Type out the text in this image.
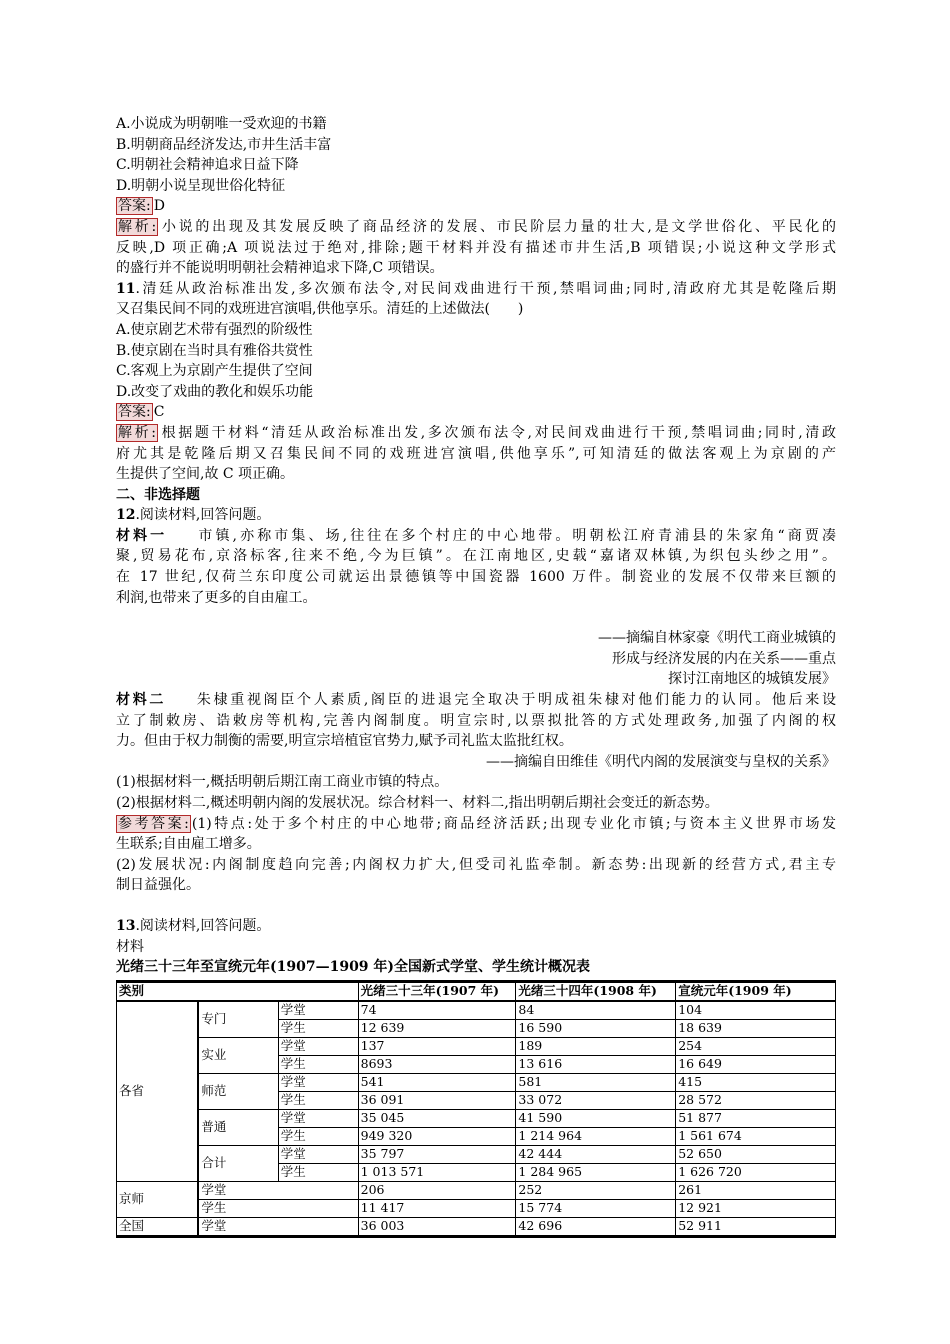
A.小说成为明朝唯一受欢迎的书籍
B.明朝商品经济发达,市井生活丰富
C.明朝社会精神追求日益下降
D.明朝小说呈现世俗化特征
答案: D
解析: 小说的出现及其发展反映了商品经济的发展、市民阶层力量的壮大,是文学世俗化、平民化的
反映,D 项正确;A 项说法过于绝对,排除;题干材料并没有描述市井生活,B 项错误;小说这种文学形式
的盛行并不能说明明朝社会精神追求下降,C 项错误。
11.清廷从政治标准出发,多次颁布法令,对民间戏曲进行干预,禁唱词曲;同时,清政府尤其是乾隆后期
又召集民间不同的戏班进宫演唱,供他享乐。清廷的上述做法(　　)
A.使京剧艺术带有强烈的阶级性
B.使京剧在当时具有雅俗共赏性
C.客观上为京剧产生提供了空间
D.改变了戏曲的教化和娱乐功能
答案: C
解析: 根据题干材料“清廷从政治标准出发,多次颁布法令,对民间戏曲进行干预,禁唱词曲;同时,清政
府尤其是乾隆后期又召集民间不同的戏班进宫演唱,供他享乐”,可知清廷的做法客观上为京剧的产
生提供了空间,故 C 项正确。
二、非选择题
12.阅读材料,回答问题。
材料一 市镇,亦称市集、场,往往在多个村庄的中心地带。明朝松江府青浦县的朱家角“商贾凑
聚,贸易花布,京洛标客,往来不绝,今为巨镇”。在江南地区,史载“嘉诸双林镇,为织包头纱之用”。
在 17 世纪,仅荷兰东印度公司就运出景德镇等中国瓷器 1600 万件。制瓷业的发展不仅带来巨额的
利润,也带来了更多的自由雇工。
——摘编自林家豪《明代工商业城镇的
形成与经济发展的内在关系——重点
探讨江南地区的城镇发展》
材料二 朱棣重视阁臣个人素质,阁臣的进退完全取决于明成祖朱棣对他们能力的认同。他后来设
立了制敕房、诰敕房等机构,完善内阁制度。明宣宗时,以票拟批答的方式处理政务,加强了内阁的权
力。但由于权力制衡的需要,明宣宗培植宦官势力,赋予司礼监太监批红权。
——摘编自田维佳《明代内阁的发展演变与皇权的关系》
(1)根据材料一,概括明朝后期江南工商业市镇的特点。
(2)根据材料二,概述明朝内阁的发展状况。综合材料一、材料二,指出明朝后期社会变迁的新态势。
参考答案: (1)特点:处于多个村庄的中心地带;商品经济活跃;出现专业化市镇;与资本主义世界市场发
生联系;自由雇工增多。
(2)发展状况:内阁制度趋向完善;内阁权力扩大,但受司礼监牵制。新态势:出现新的经营方式,君主专
制日益强化。
13.阅读材料,回答问题。
材料
光绪三十三年至宣统元年(1907—1909 年)全国新式学堂、学生统计概况表
类别			光绪三十三年(1907 年)	光绪三十四年(1908 年)	宣统元年(1909 年)
各省	专门	学堂	74	84	104
		学生	12 639	16 590	18 639
	实业	学堂	137	189	254
		学生	8693	13 616	16 649
	师范	学堂	541	581	415
		学生	36 091	33 072	28 572
	普通	学堂	35 045	41 590	51 877
		学生	949 320	1 214 964	1 561 674
	合计	学堂	35 797	42 444	52 650
		学生	1 013 571	1 284 965	1 626 720
京师	学堂		206	252	261
	学生		11 417	15 774	12 921
全国	学堂		36 003	42 696	52 911
